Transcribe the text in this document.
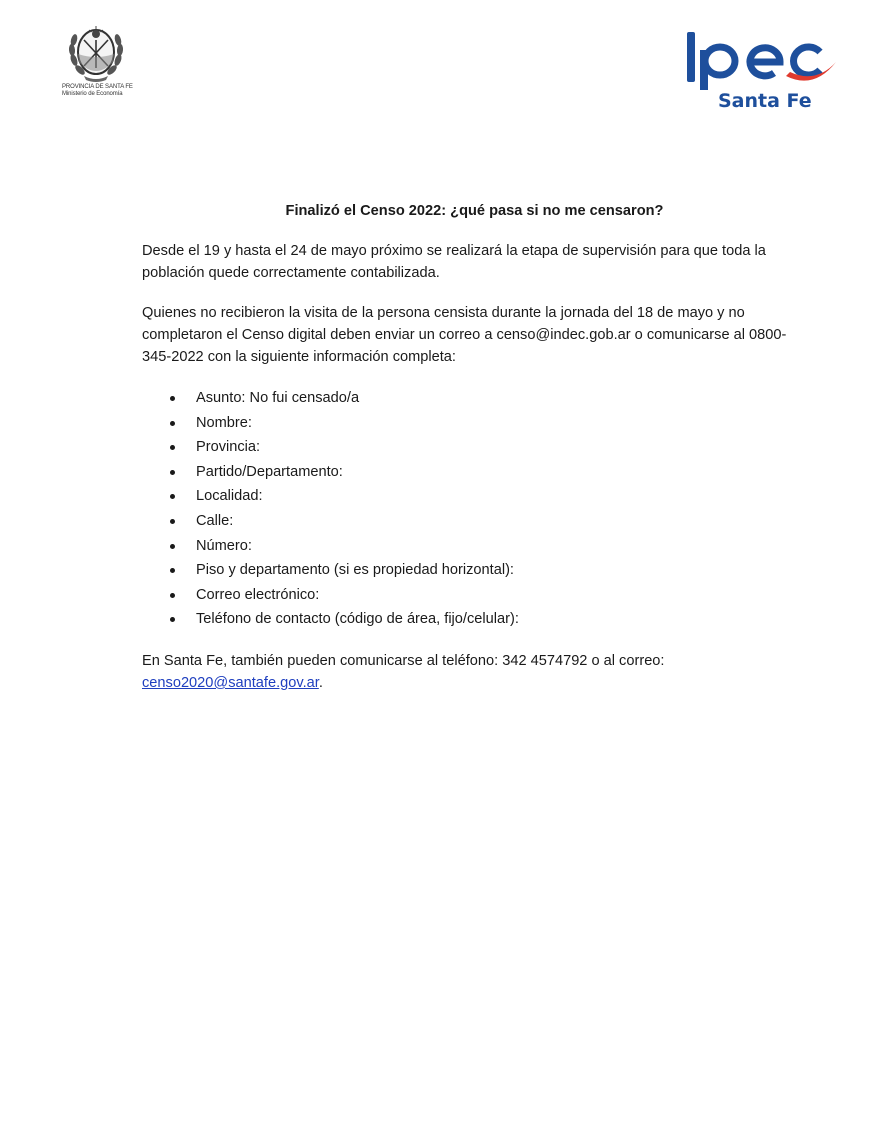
PROVINCIA DE SANTA FE
Ministerio de Economía	Santa Fe
Finalizó el Censo 2022: ¿qué pasa si no me censaron?

Desde el 19 y hasta el 24 de mayo próximo se realizará la etapa de supervisión para que toda la población quede correctamente contabilizada.

Quienes no recibieron la visita de la persona censista durante la jornada del 18 de mayo y no completaron el Censo digital deben enviar un correo a censo@indec.gob.ar o comunicarse al 0800-345-2022 con la siguiente información completa:

Asunto: No fui censado/a
Nombre:
Provincia:
Partido/Departamento:
Localidad:
Calle:
Número:
Piso y departamento (si es propiedad horizontal):
Correo electrónico:
Teléfono de contacto (código de área, fijo/celular):

En Santa Fe, también pueden comunicarse al teléfono: 342 4574792 o al correo:
censo2020@santafe.gov.ar.
